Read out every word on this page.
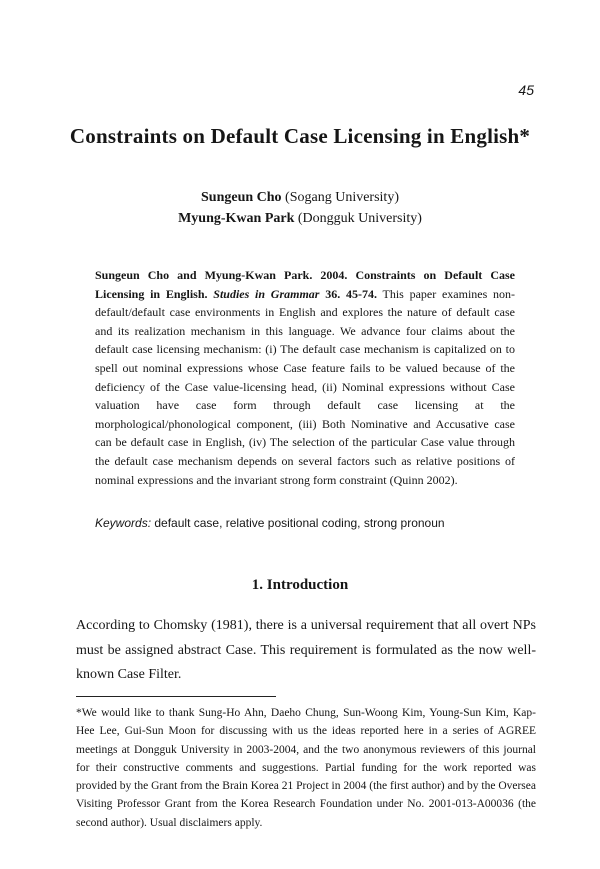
45
Constraints on Default Case Licensing in English*
Sungeun Cho (Sogang University)
Myung-Kwan Park (Dongguk University)
Sungeun Cho and Myung-Kwan Park. 2004. Constraints on Default Case Licensing in English. Studies in Grammar 36. 45-74. This paper examines non-default/default case environments in English and explores the nature of default case and its realization mechanism in this language. We advance four claims about the default case licensing mechanism: (i) The default case mechanism is capitalized on to spell out nominal expressions whose Case feature fails to be valued because of the deficiency of the Case value-licensing head, (ii) Nominal expressions without Case valuation have case form through default case licensing at the morphological/phonological component, (iii) Both Nominative and Accusative case can be default case in English, (iv) The selection of the particular Case value through the default case mechanism depends on several factors such as relative positions of nominal expressions and the invariant strong form constraint (Quinn 2002).
Keywords: default case, relative positional coding, strong pronoun
1. Introduction

According to Chomsky (1981), there is a universal requirement that all overt NPs must be assigned abstract Case. This requirement is formulated as the now well-known Case Filter.

*We would like to thank Sung-Ho Ahn, Daeho Chung, Sun-Woong Kim, Young-Sun Kim, Kap-Hee Lee, Gui-Sun Moon for discussing with us the ideas reported here in a series of AGREE meetings at Dongguk University in 2003-2004, and the two anonymous reviewers of this journal for their constructive comments and suggestions. Partial funding for the work reported was provided by the Grant from the Brain Korea 21 Project in 2004 (the first author) and by the Oversea Visiting Professor Grant from the Korea Research Foundation under No. 2001-013-A00036 (the second author). Usual disclaimers apply.
